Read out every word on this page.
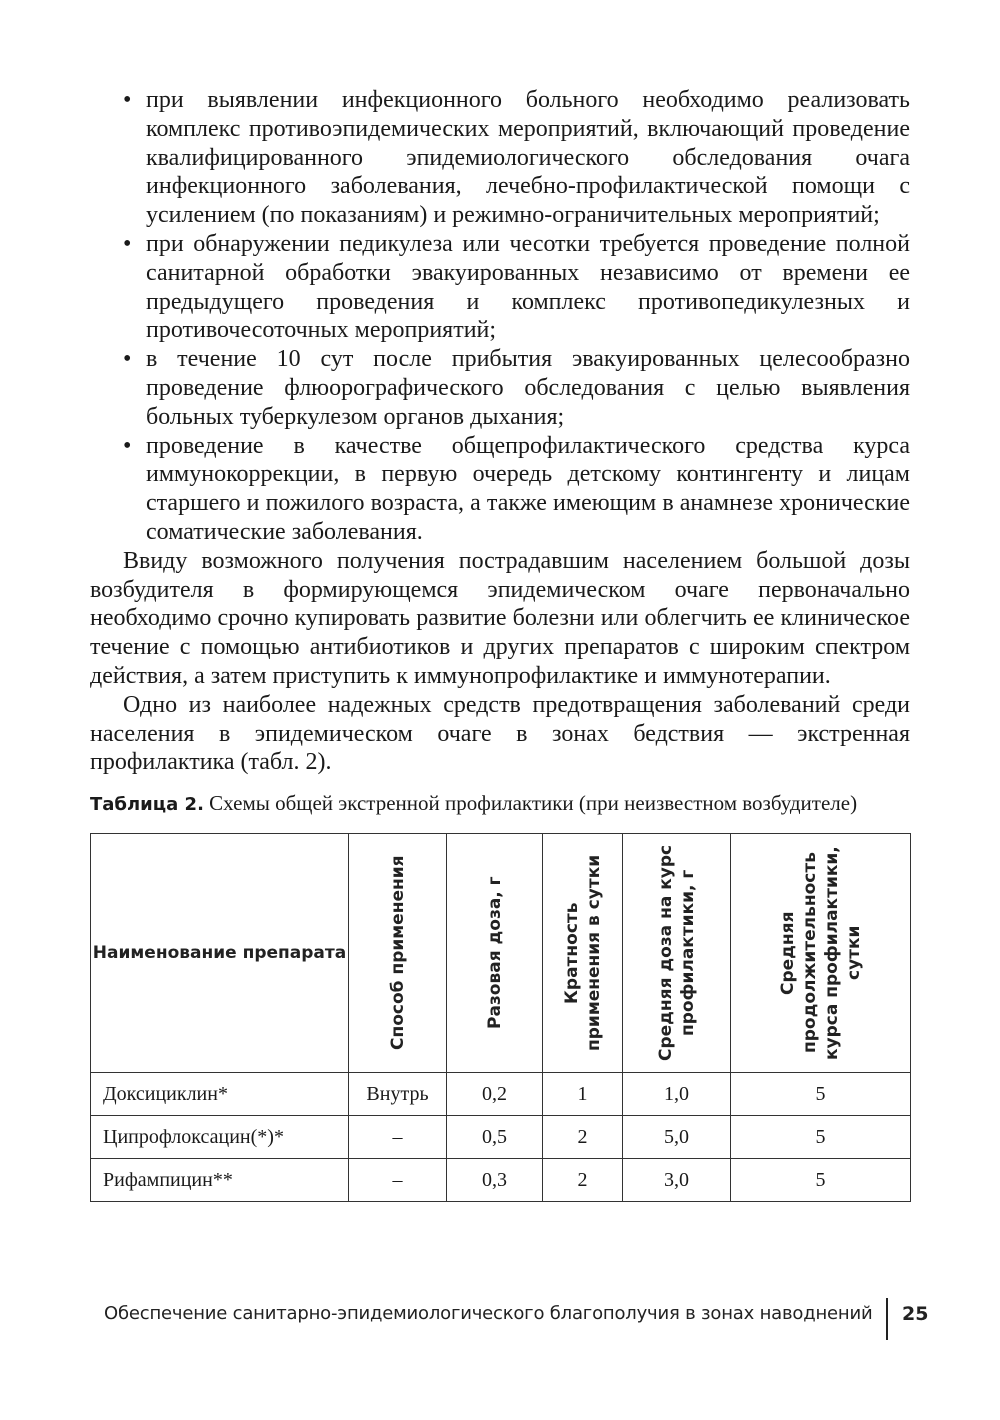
• при выявлении инфекционного больного необходимо реализовать комплекс противоэпидемических мероприятий, включающий проведение квалифицированного эпидемиологического обследования очага инфекционного заболевания, лечебно-профилактической помощи с усилением (по показаниям) и режимно-ограничительных мероприятий;
• при обнаружении педикулеза или чесотки требуется проведение полной санитарной обработки эвакуированных независимо от времени ее предыдущего проведения и комплекс противопедикулезных и противочесоточных мероприятий;
• в течение 10 сут после прибытия эвакуированных целесообразно проведение флюорографического обследования с целью выявления больных туберкулезом органов дыхания;
• проведение в качестве общепрофилактического средства курса иммунокоррекции, в первую очередь детскому контингенту и лицам старшего и пожилого возраста, а также имеющим в анамнезе хронические соматические заболевания.

Ввиду возможного получения пострадавшим населением большой дозы возбудителя в формирующемся эпидемическом очаге первоначально необходимо срочно купировать развитие болезни или облегчить ее клиническое течение с помощью антибиотиков и других препаратов с широким спектром действия, а затем приступить к иммунопрофилактике и иммунотерапии.

Одно из наиболее надежных средств предотвращения заболеваний среди населения в эпидемическом очаге в зонах бедствия — экстренная профилактика (табл. 2).

Таблица 2. Схемы общей экстренной профилактики (при неизвестном возбудителе)
Наименование препарата	Способ применения	Разовая доза, г	Кратность применения в сутки	Средняя доза на курс профилактики, г	Средняя продолжительность курса профилактики, сутки

Доксициклин*	Внутрь	0,2	1	1,0	5
Ципрофлоксацин(*)*	–	0,5	2	5,0	5
Рифампицин**	–	0,3	2	3,0	5
Обеспечение санитарно-эпидемиологического благополучия в зонах наводнений 25
